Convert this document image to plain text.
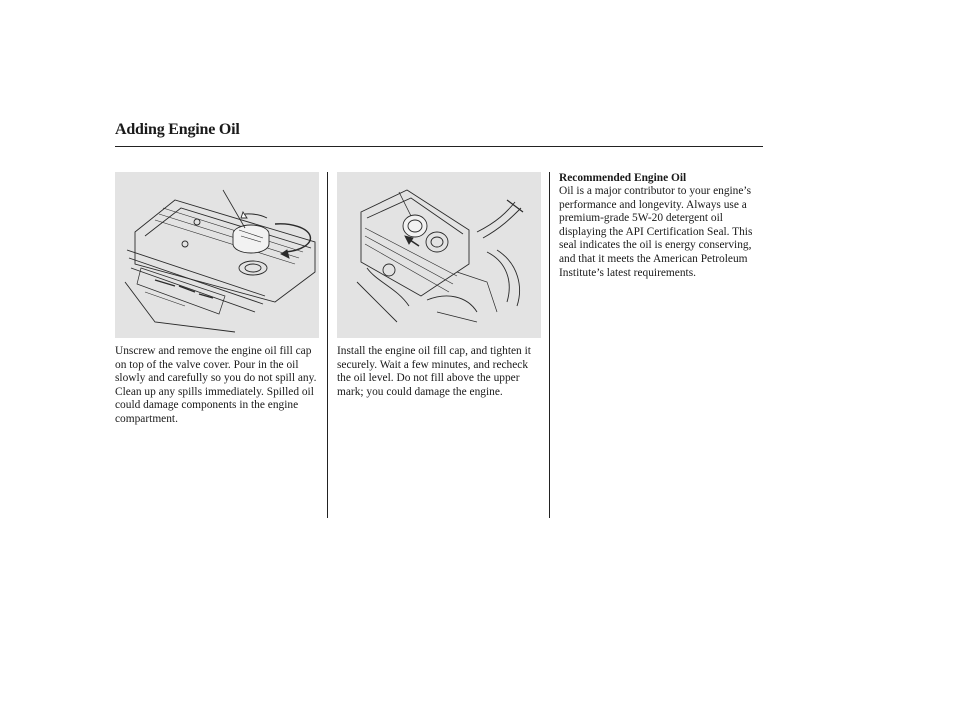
Adding Engine Oil

Unscrew and remove the engine oil fill cap on top of the valve cover. Pour in the oil slowly and carefully so you do not spill any. Clean up any spills immediately. Spilled oil could damage components in the engine compartment.

Install the engine oil fill cap, and tighten it securely. Wait a few minutes, and recheck the oil level. Do not fill above the upper mark; you could damage the engine.

Recommended Engine Oil

Oil is a major contributor to your engine’s performance and longevity. Always use a premium-grade 5W-20 detergent oil displaying the API Certification Seal. This seal indicates the oil is energy conserving, and that it meets the American Petroleum Institute’s latest requirements.
